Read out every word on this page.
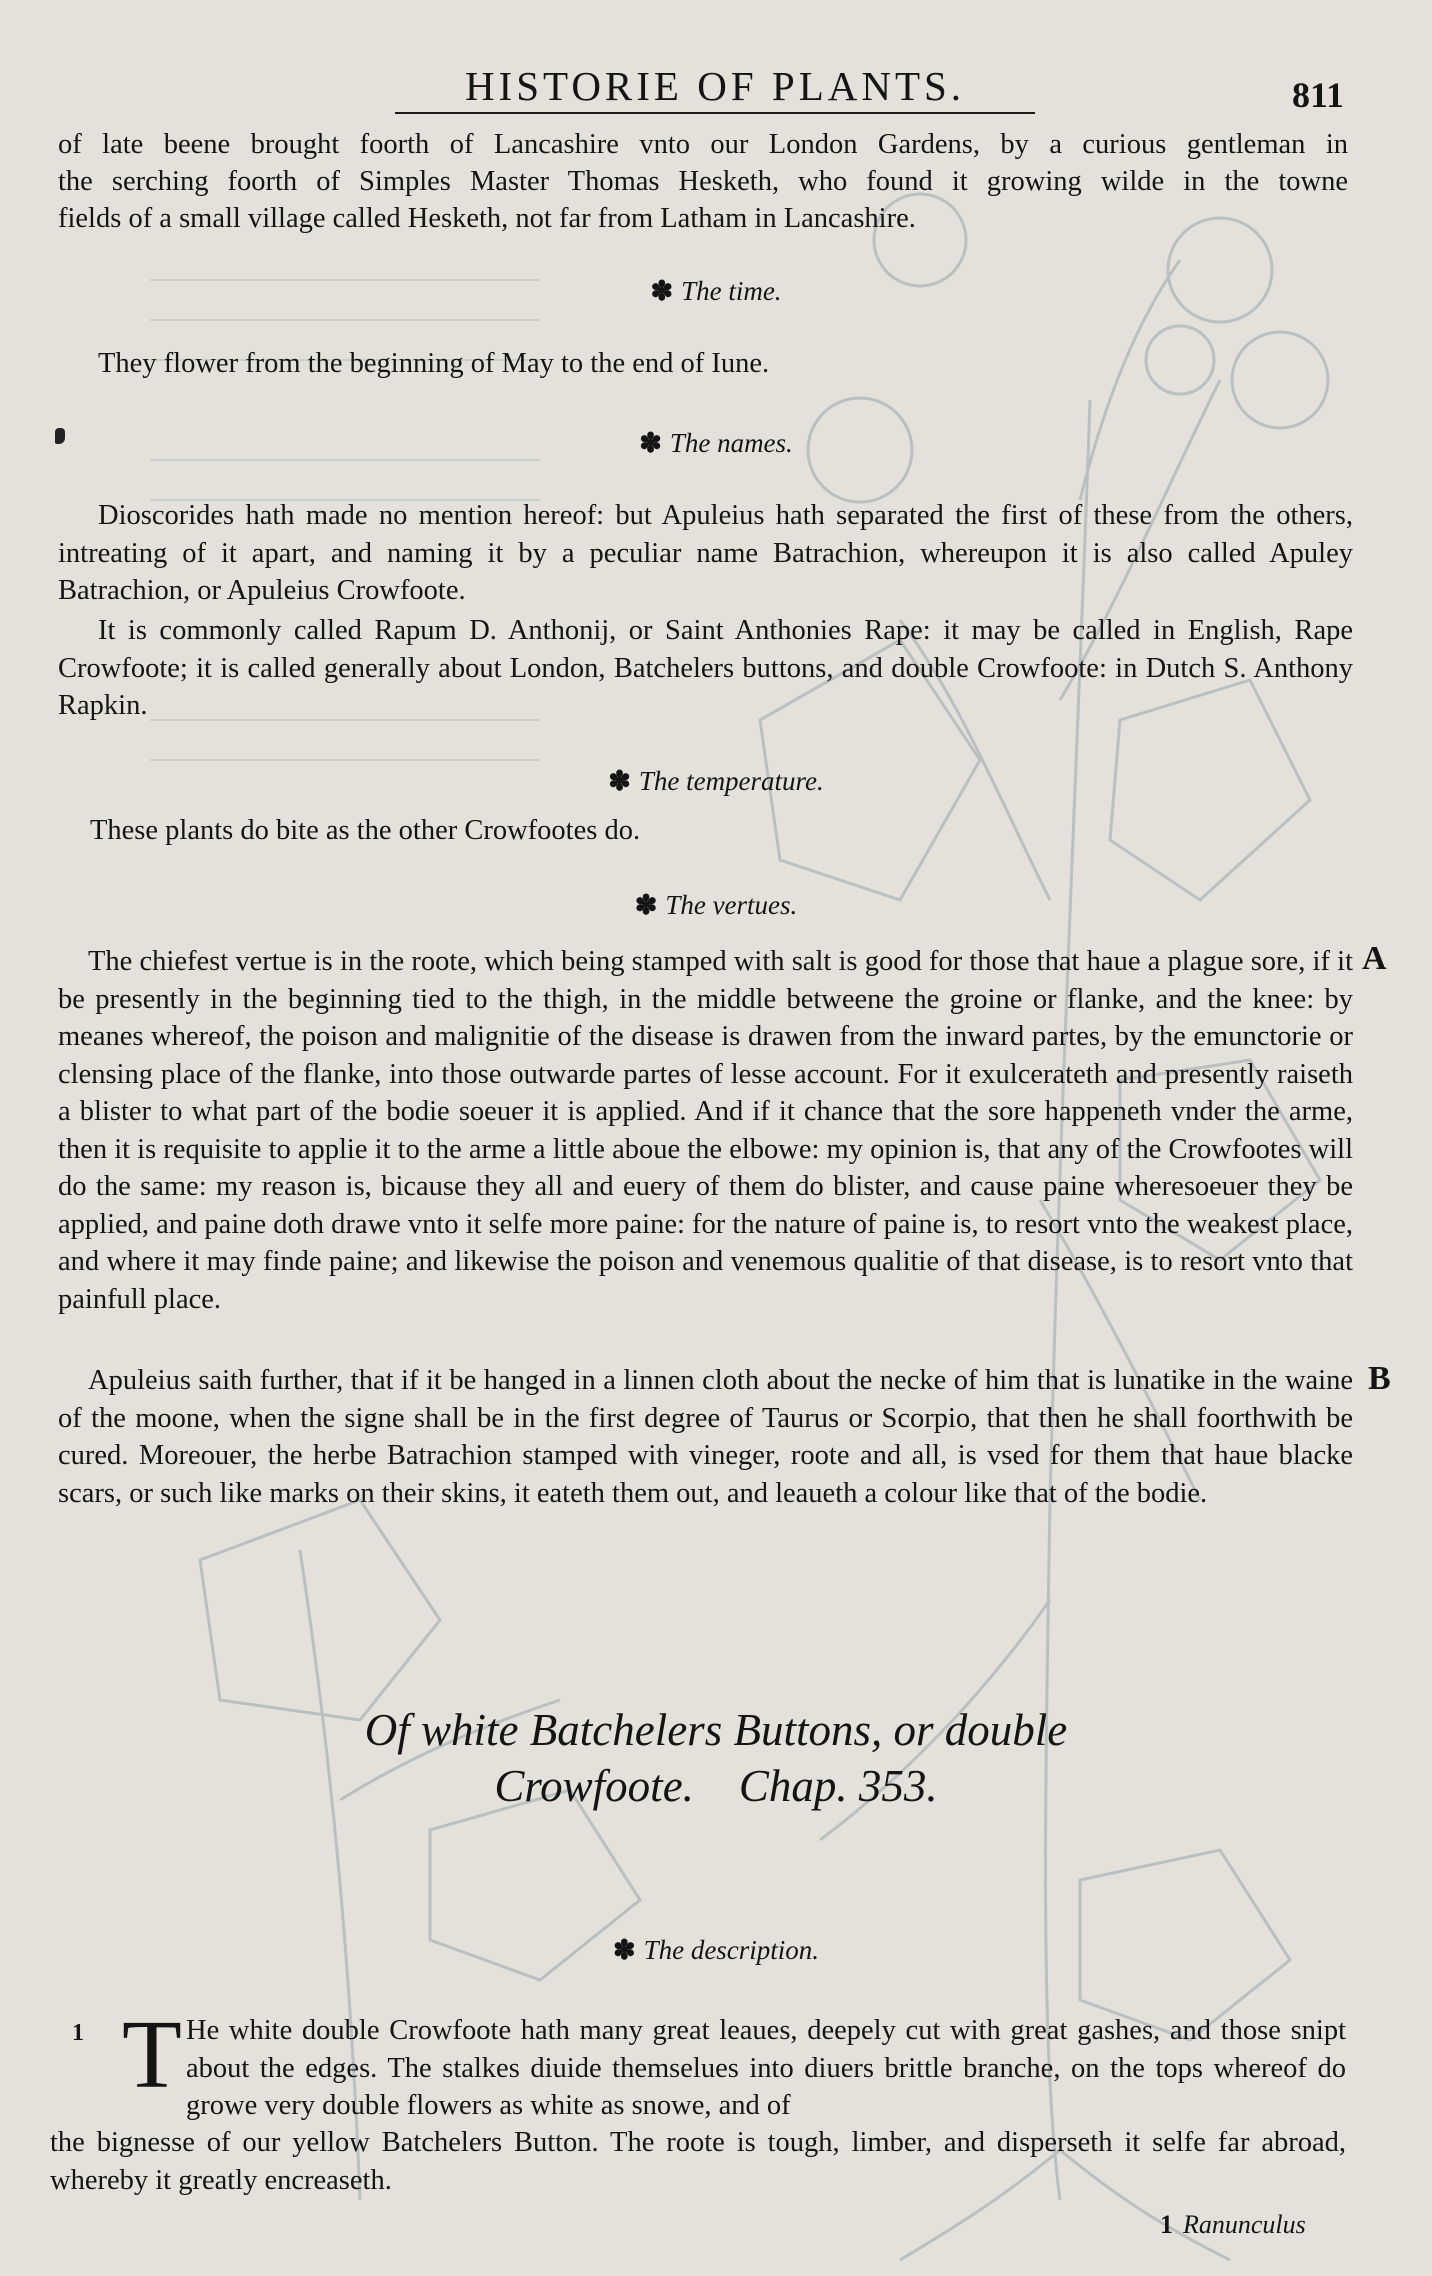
HISTORIE OF PLANTS.	811

of late beene brought foorth of Lancashire vnto our London Gardens, by a curious gentleman in

the serching foorth of Simples Master Thomas Hesketh, who found it growing wilde in the towne

fields of a small village called Hesketh, not far from Latham in Lancashire.

✽ The time.

They flower from the beginning of May to the end of Iune.

✽ The names.

Dioscorides hath made no mention hereof: but Apuleius hath separated the first of these from the others, intreating of it apart, and naming it by a peculiar name Batrachion, whereupon it is also called Apuley Batrachion, or Apuleius Crowfoote.

It is commonly called Rapum D. Anthonij, or Saint Anthonies Rape: it may be called in English, Rape Crowfoote; it is called generally about London, Batchelers buttons, and double Crowfoote: in Dutch S. Anthony Rapkin.

✽ The temperature.

These plants do bite as the other Crowfootes do.

✽ The vertues.

The chiefest vertue is in the roote, which being stamped with salt is good for those that haue a plague sore, if it be presently in the beginning tied to the thigh, in the middle betweene the groine or flanke, and the knee: by meanes whereof, the poison and malignitie of the disease is drawen from the inward partes, by the emunctorie or clensing place of the flanke, into those outwarde partes of lesse account. For it exulcerateth and presently raiseth a blister to what part of the bodie soeuer it is applied. And if it chance that the sore happeneth vnder the arme, then it is requisite to applie it to the arme a little aboue the elbowe: my opinion is, that any of the Crowfootes will do the same: my reason is, bicause they all and euery of them do blister, and cause paine wheresoeuer they be applied, and paine doth drawe vnto it selfe more paine: for the nature of paine is, to resort vnto the weakest place, and where it may finde paine; and likewise the poison and venemous qualitie of that disease, is to resort vnto that painfull place.

A

Apuleius saith further, that if it be hanged in a linnen cloth about the necke of him that is lunatike in the waine of the moone, when the signe shall be in the first degree of Taurus or Scorpio, that then he shall foorthwith be cured. Moreouer, the herbe Batrachion stamped with vineger, roote and all, is vsed for them that haue blacke scars, or such like marks on their skins, it eateth them out, and leaueth a colour like that of the bodie.

B
Of white Batchelers Buttons, or double
Crowfoote. Chap. 353.
✽ The description.
1 T He white double Crowfoote hath many great leaues, deepely cut with great gashes, and those snipt about the edges. The stalkes diuide themselues into diuers brittle branche, on the tops whereof do growe very double flowers as white as snowe, and of

the bignesse of our yellow Batchelers Button. The roote is tough, limber, and disperseth it selfe far abroad, whereby it greatly encreaseth.

1 Ranunculus
